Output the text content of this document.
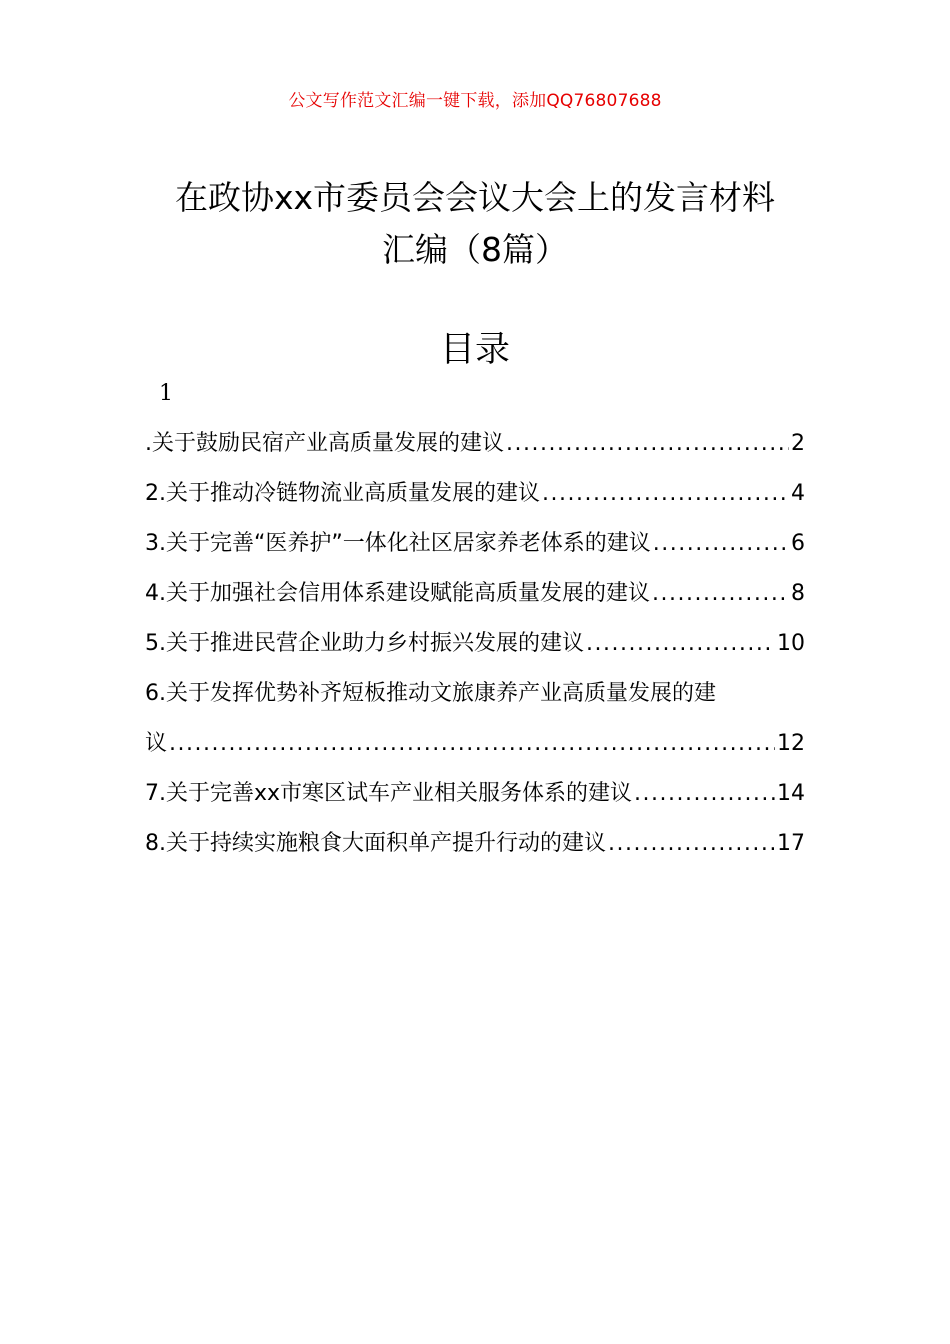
公文写作范文汇编一键下载，添加QQ76807688
在政协xx市委员会会议大会上的发言材料
汇编（8篇）
目录
1
.关于鼓励民宿产业高质量发展的建议 .....	2
2.关于推动冷链物流业高质量发展的建议 .....	4
3.关于完善“医养护”一体化社区居家养老体系的建议 .....	6
4.关于加强社会信用体系建设赋能高质量发展的建议 .....	8
5.关于推进民营企业助力乡村振兴发展的建议 .....	10
6.关于发挥优势补齐短板推动文旅康养产业高质量发展的建
议 .....	12
7.关于完善xx市寒区试车产业相关服务体系的建议 .....	14
8.关于持续实施粮食大面积单产提升行动的建议 .....	17
